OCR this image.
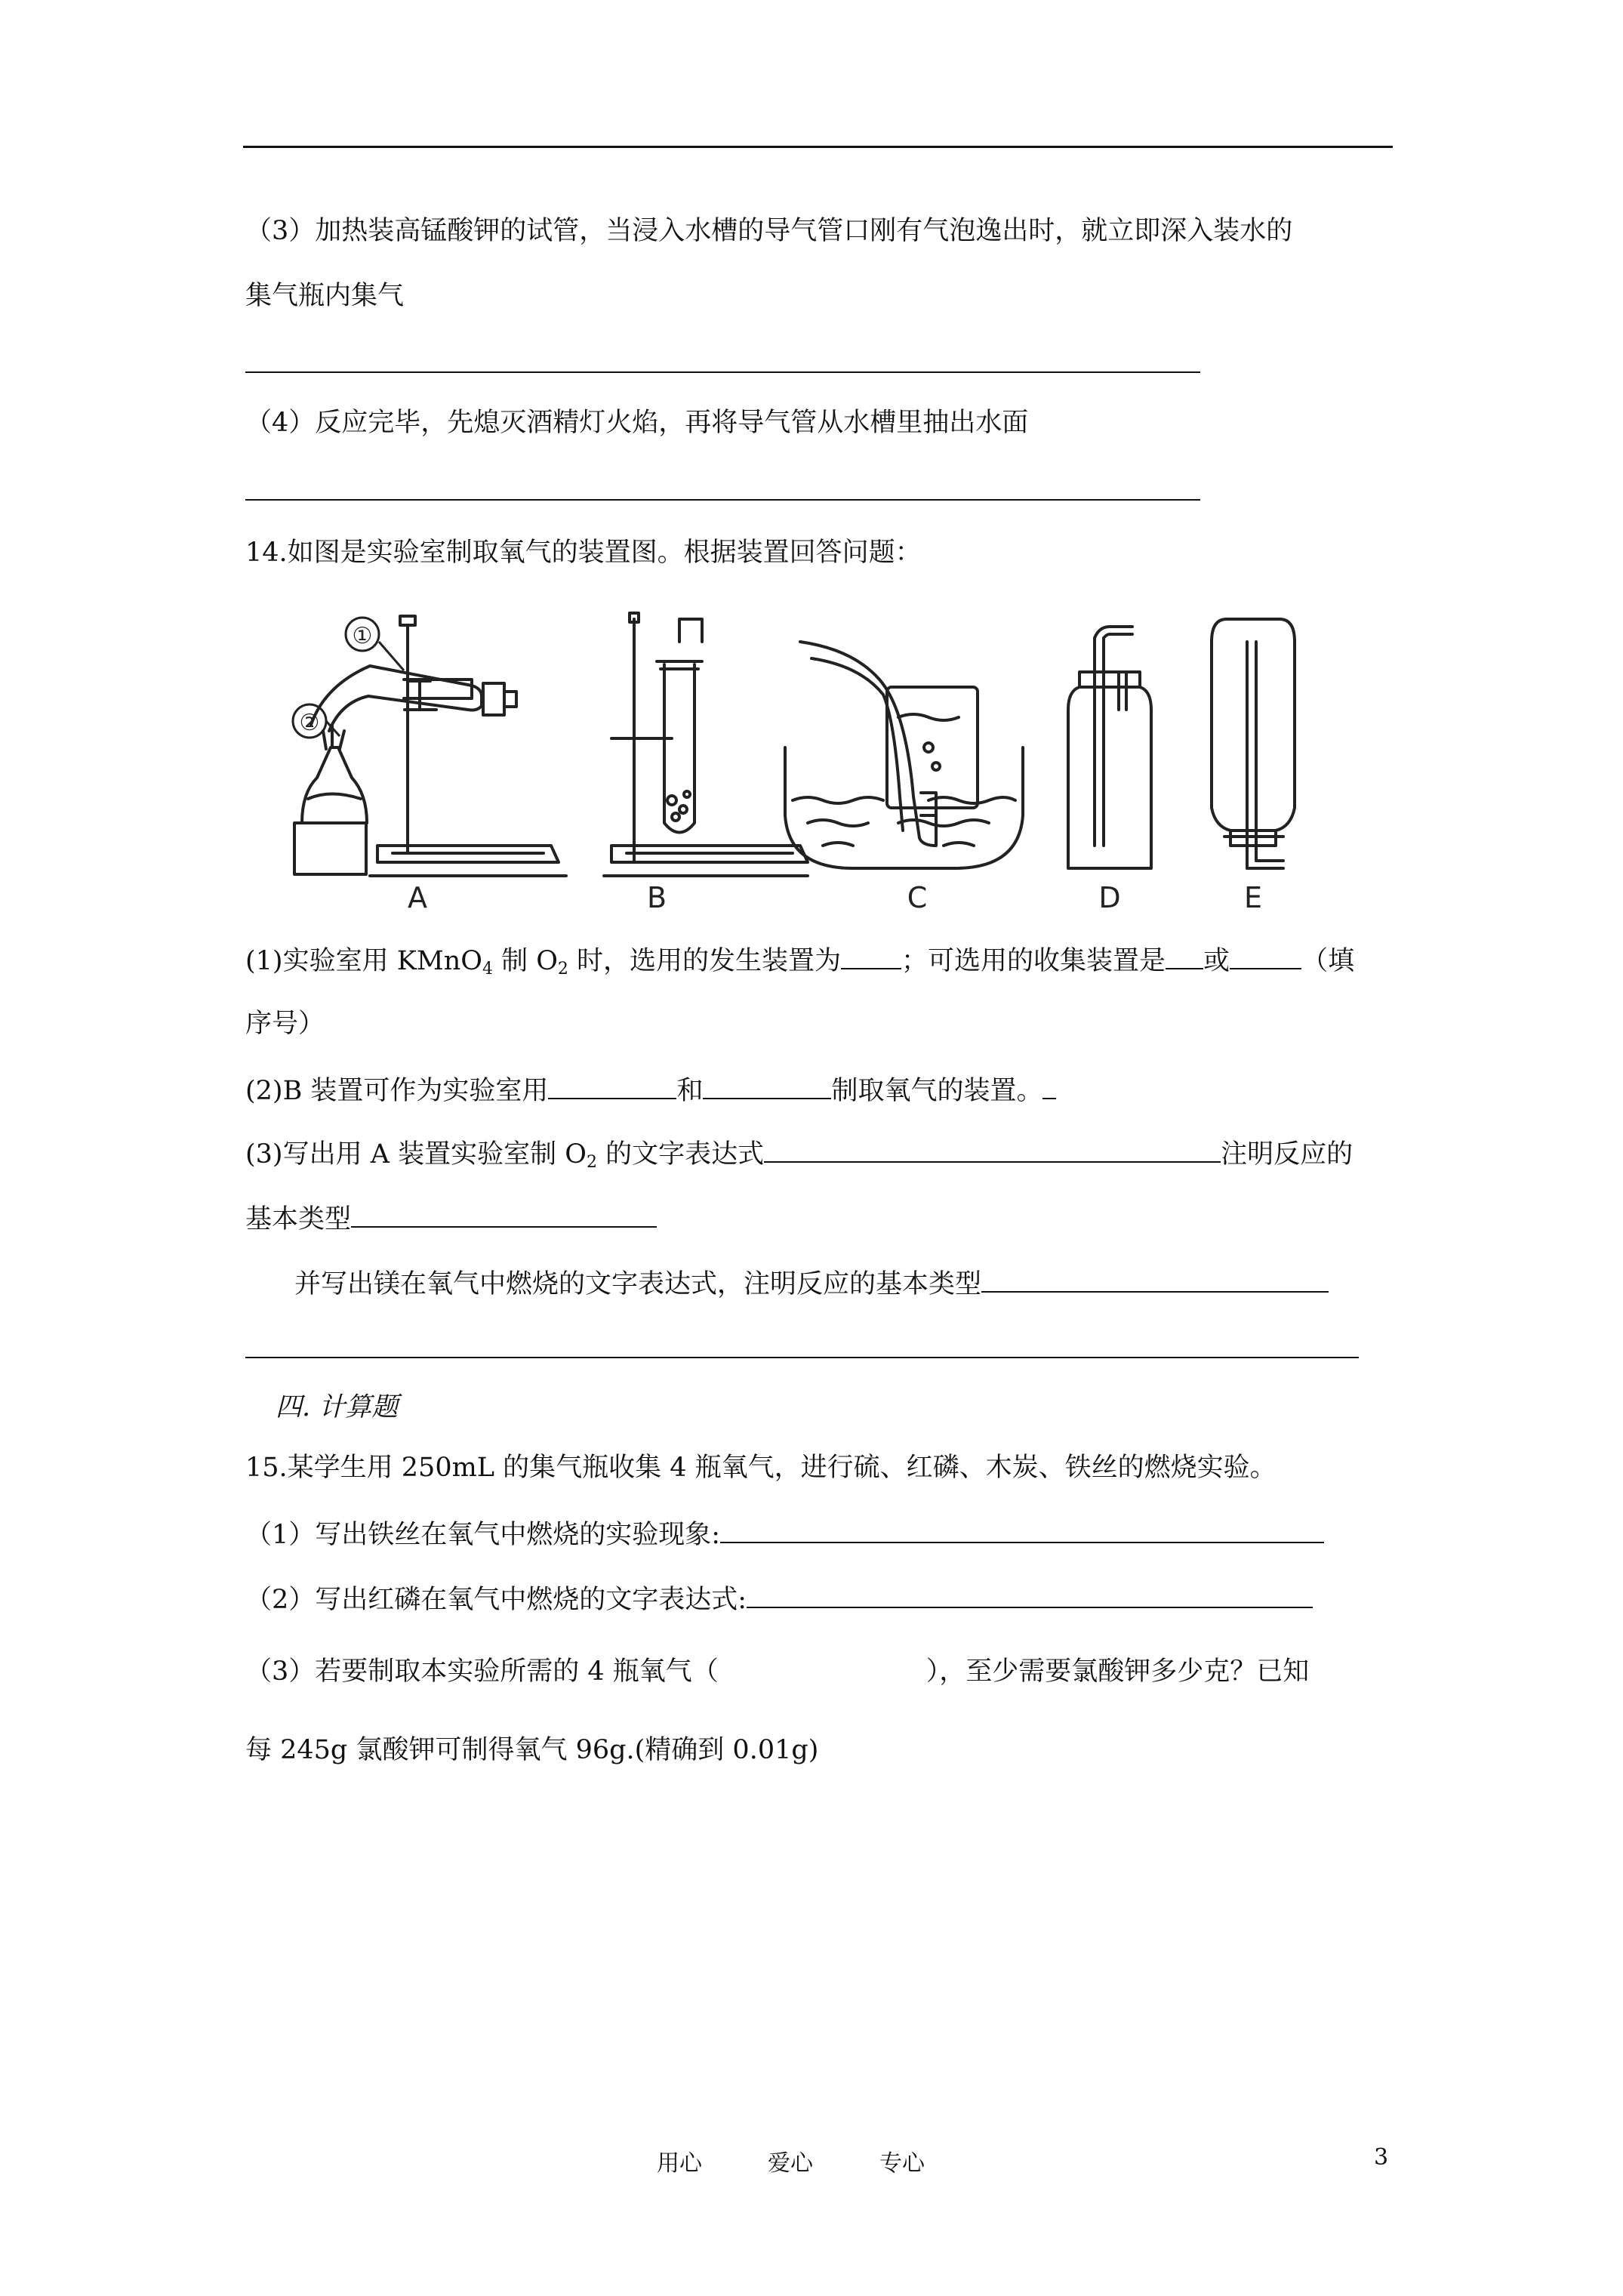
（3）加热装高锰酸钾的试管，当浸入水槽的导气管口刚有气泡逸出时，就立即深入装水的
集气瓶内集气
（4）反应完毕，先熄灭酒精灯火焰，再将导气管从水槽里抽出水面
14.如图是实验室制取氧气的装置图。根据装置回答问题：
①
②
A	B	C	D	E
(1)实验室用 KMnO$_4$ 制 $O_2$ 时，选用的发生装置为 ；可选用的收集装置是 或	（填
序号）
(2)B 装置可作为实验室用	和	制取氧气的装置。
(3)写出用 A 装置实验室制 $O_2$ 的文字表达式	注明反应的
基本类型
并写出镁在氧气中燃烧的文字表达式，注明反应的基本类型
四. 计算题
15.某学生用 250mL 的集气瓶收集 4 瓶氧气，进行硫、红磷、木炭、铁丝的燃烧实验。
（1）写出铁丝在氧气中燃烧的实验现象:
（2）写出红磷在氧气中燃烧的文字表达式:
（3）若要制取本实验所需的 4 瓶氧气（	），至少需要氯酸钾多少克？已知
每 245g 氯酸钾可制得氧气 96g.(精确到 0.01g)
用心	爱心	专心	3
